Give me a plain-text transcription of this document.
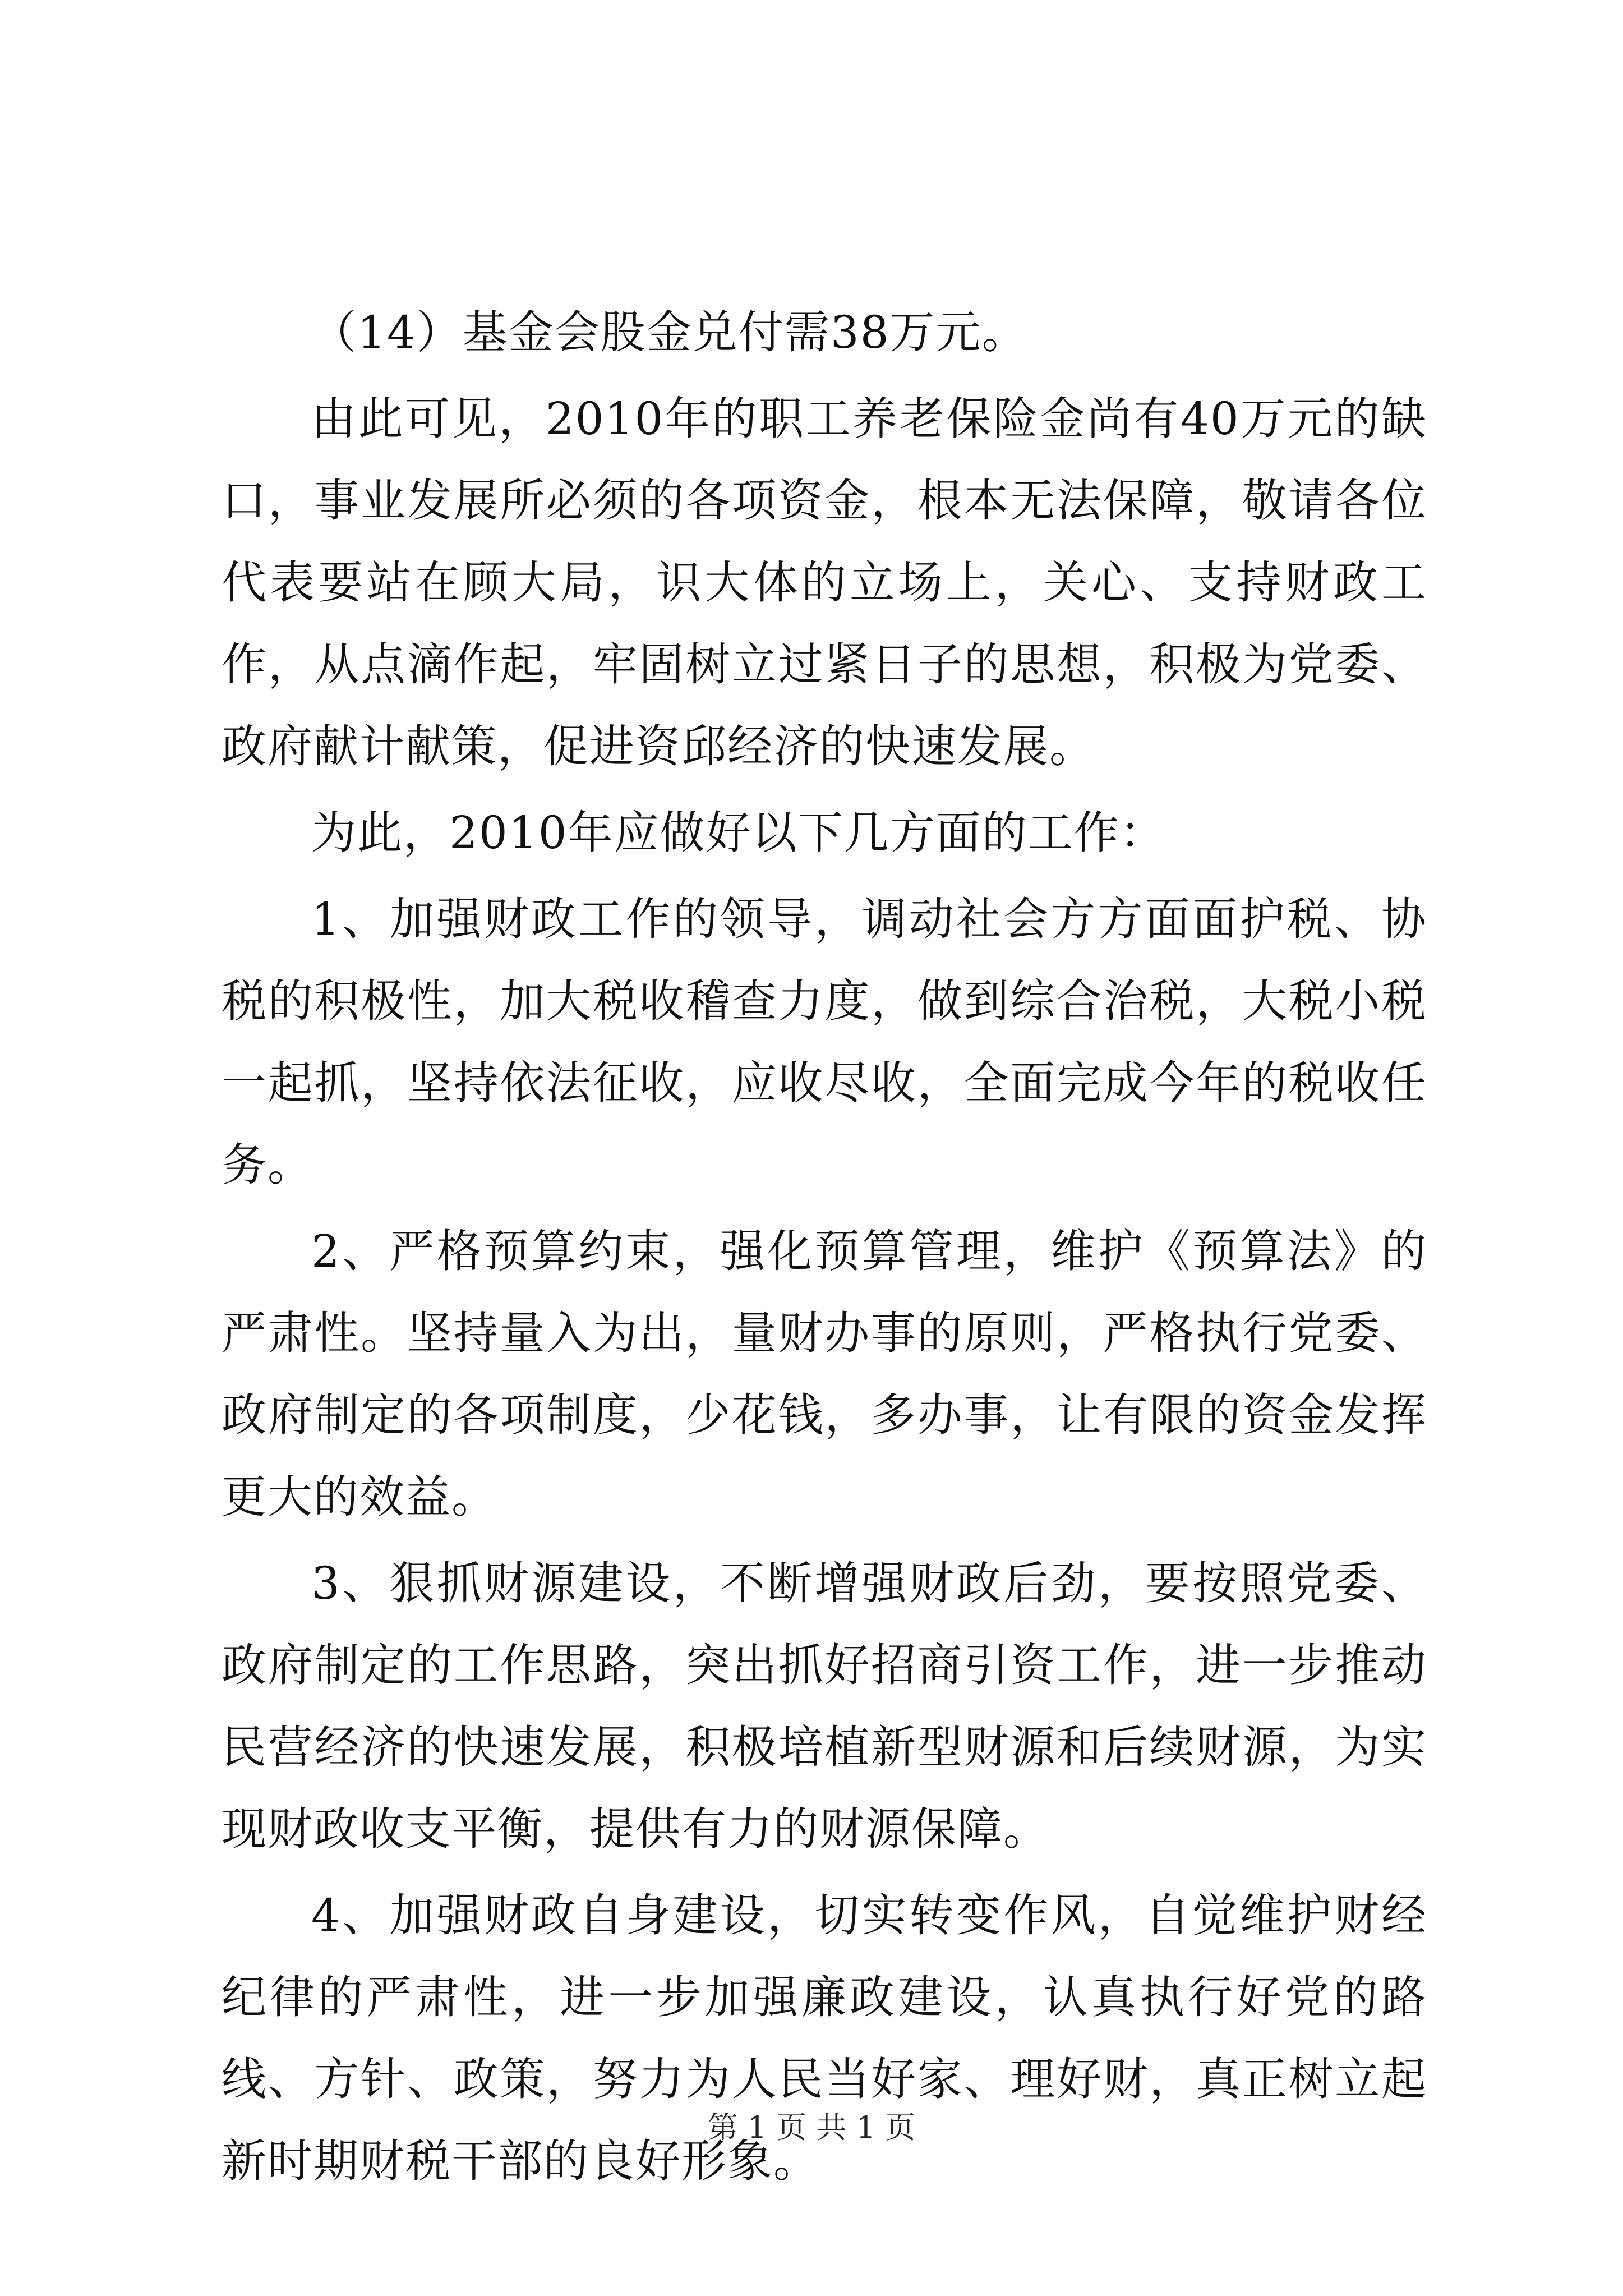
（14）基金会股金兑付需38万元。

由此可见，2010年的职工养老保险金尚有40万元的缺口，事业发展所必须的各项资金，根本无法保障，敬请各位代表要站在顾大局，识大体的立场上，关心、支持财政工作，从点滴作起，牢固树立过紧日子的思想，积极为党委、政府献计献策，促进资邱经济的快速发展。

为此，2010年应做好以下几方面的工作：

1、加强财政工作的领导，调动社会方方面面护税、协税的积极性，加大税收稽查力度，做到综合治税，大税小税一起抓，坚持依法征收，应收尽收，全面完成今年的税收任务。

2、严格预算约束，强化预算管理，维护《预算法》的严肃性。坚持量入为出，量财办事的原则，严格执行党委、政府制定的各项制度，少花钱，多办事，让有限的资金发挥更大的效益。

3、狠抓财源建设，不断增强财政后劲，要按照党委、政府制定的工作思路，突出抓好招商引资工作，进一步推动民营经济的快速发展，积极培植新型财源和后续财源，为实现财政收支平衡，提供有力的财源保障。

4、加强财政自身建设，切实转变作风，自觉维护财经纪律的严肃性，进一步加强廉政建设，认真执行好党的路线、方针、政策，努力为人民当好家、理好财，真正树立起新时期财税干部的良好形象。

第 1 页 共 1 页
